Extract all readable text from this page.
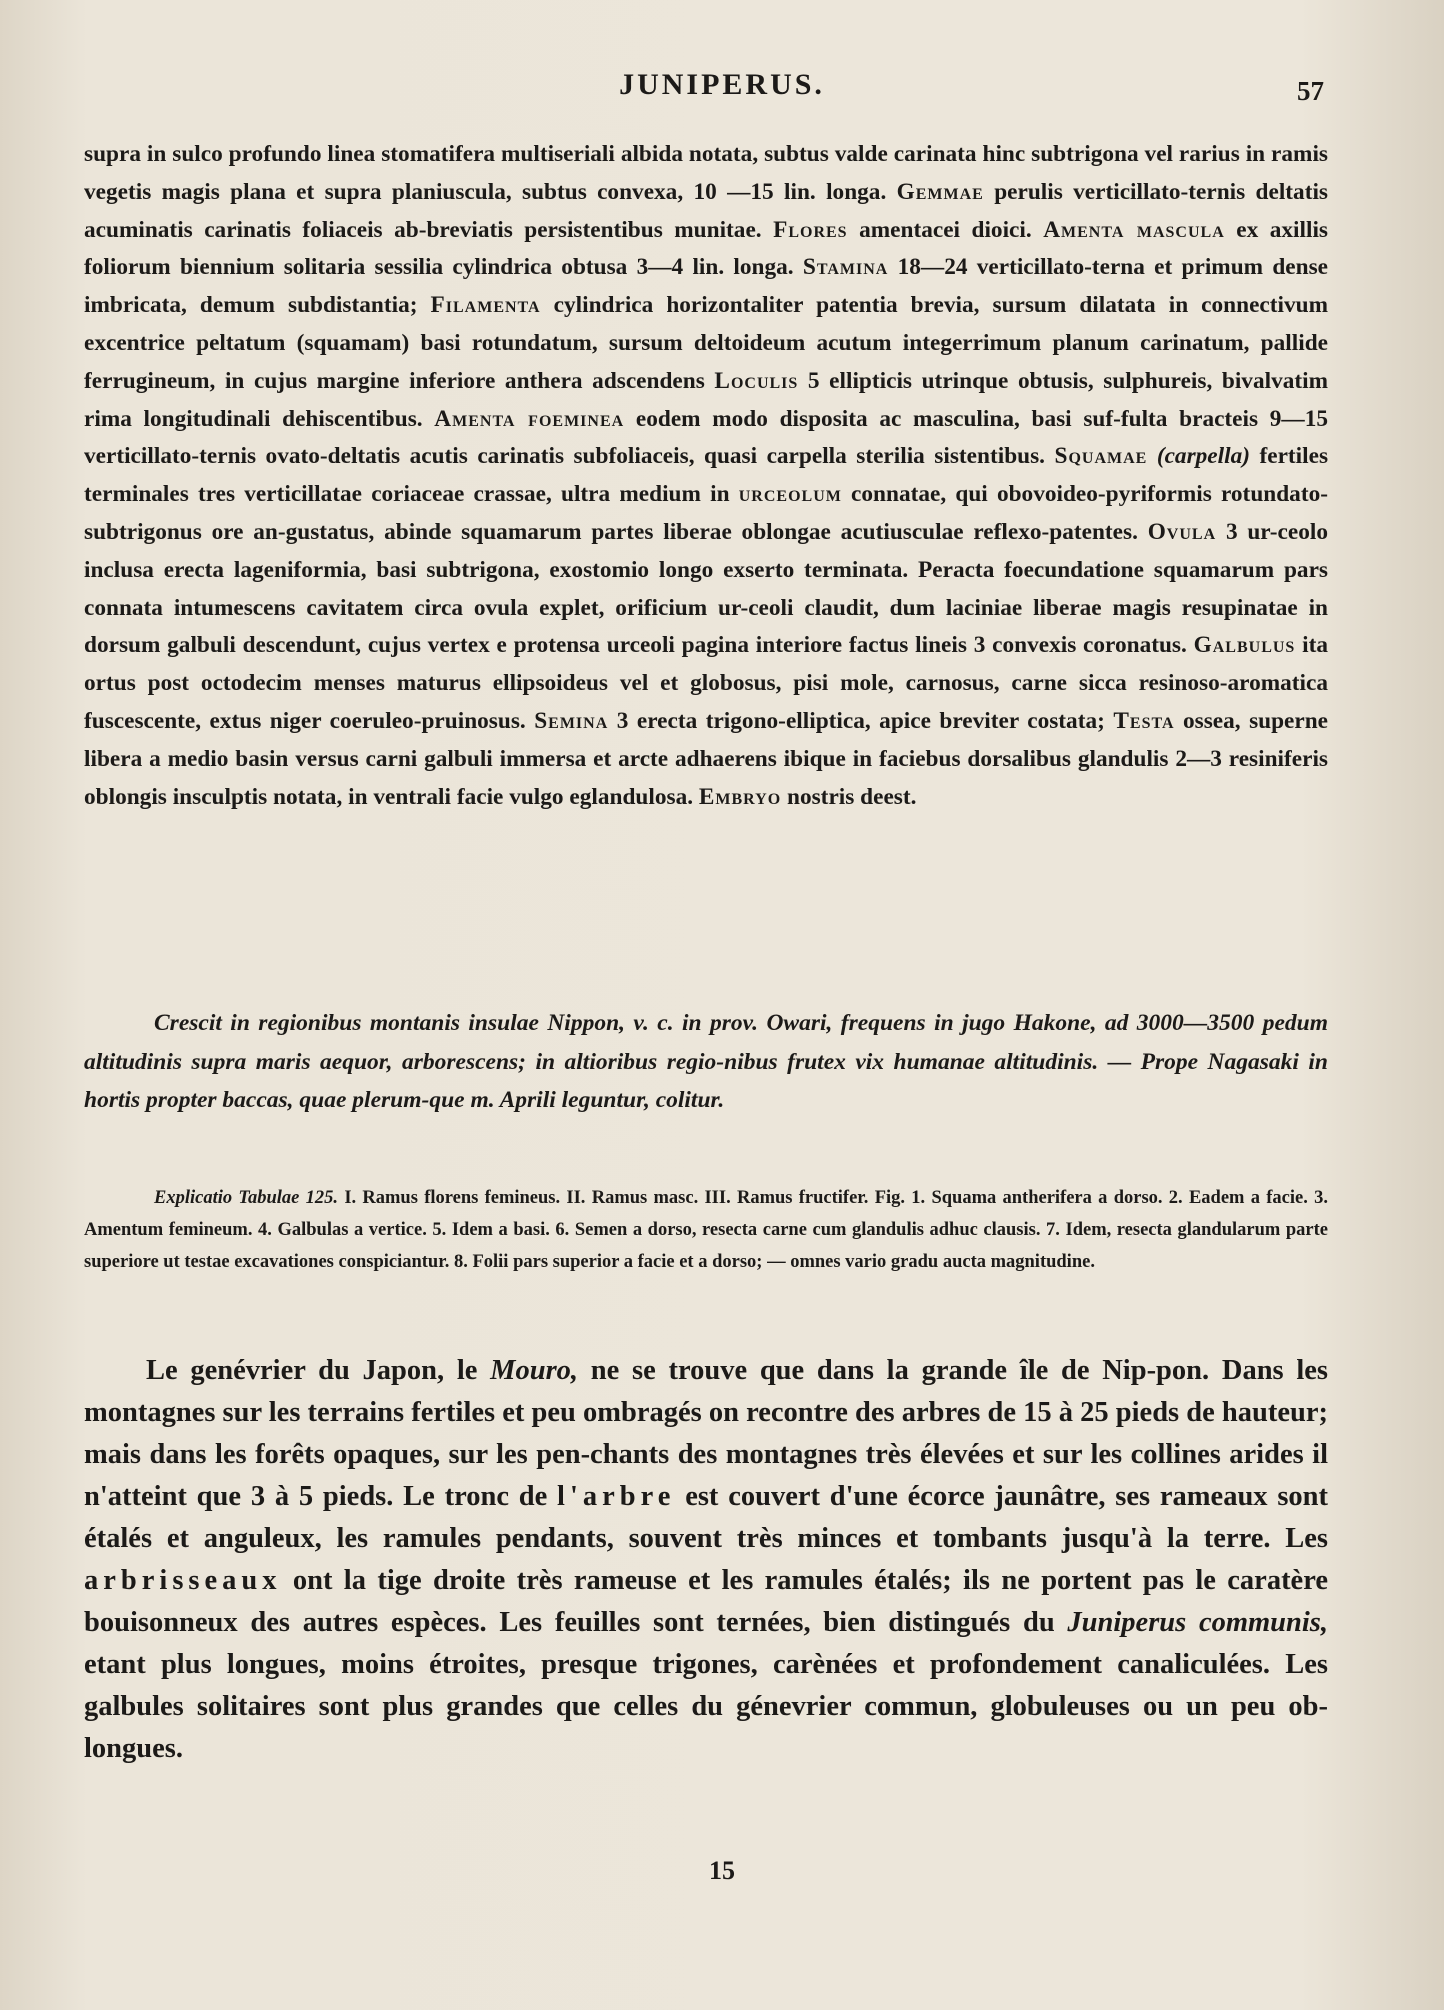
JUNIPERUS.	57

supra in sulco profundo linea stomatifera multiseriali albida notata, subtus valde carinata hinc subtrigona vel rarius in ramis vegetis magis plana et supra planiuscula, subtus convexa, 10 —15 lin. longa. Gemmae perulis verticillato-ternis deltatis acuminatis carinatis foliaceis ab-breviatis persistentibus munitae. Flores amentacei dioici. Amenta mascula ex axillis foliorum biennium solitaria sessilia cylindrica obtusa 3—4 lin. longa. Stamina 18—24 verticillato-terna et primum dense imbricata, demum subdistantia; Filamenta cylindrica horizontaliter patentia brevia, sursum dilatata in connectivum excentrice peltatum (squamam) basi rotundatum, sursum deltoideum acutum integerrimum planum carinatum, pallide ferrugineum, in cujus margine inferiore anthera adscendens Loculis 5 ellipticis utrinque obtusis, sulphureis, bivalvatim rima longitudinali dehiscentibus. Amenta foeminea eodem modo disposita ac masculina, basi suf-fulta bracteis 9—15 verticillato-ternis ovato-deltatis acutis carinatis subfoliaceis, quasi carpella sterilia sistentibus. Squamae (carpella) fertiles terminales tres verticillatae coriaceae crassae, ultra medium in urceolum connatae, qui obovoideo-pyriformis rotundato-subtrigonus ore an-gustatus, abinde squamarum partes liberae oblongae acutiusculae reflexo-patentes. Ovula 3 ur-ceolo inclusa erecta lageniformia, basi subtrigona, exostomio longo exserto terminata. Peracta foecundatione squamarum pars connata intumescens cavitatem circa ovula explet, orificium ur-ceoli claudit, dum laciniae liberae magis resupinatae in dorsum galbuli descendunt, cujus vertex e protensa urceoli pagina interiore factus lineis 3 convexis coronatus. Galbulus ita ortus post octodecim menses maturus ellipsoideus vel et globosus, pisi mole, carnosus, carne sicca resinoso-aromatica fuscescente, extus niger coeruleo-pruinosus. Semina 3 erecta trigono-elliptica, apice breviter costata; Testa ossea, superne libera a medio basin versus carni galbuli immersa et arcte adhaerens ibique in faciebus dorsalibus glandulis 2—3 resiniferis oblongis insculptis notata, in ventrali facie vulgo eglandulosa. Embryo nostris deest.

Crescit in regionibus montanis insulae Nippon, v. c. in prov. Owari, frequens in jugo Hakone, ad 3000—3500 pedum altitudinis supra maris aequor, arborescens; in altioribus regio-nibus frutex vix humanae altitudinis. — Prope Nagasaki in hortis propter baccas, quae plerum-que m. Aprili leguntur, colitur.

Explicatio Tabulae 125. I. Ramus florens femineus. II. Ramus masc. III. Ramus fructifer. Fig. 1. Squama antherifera a dorso. 2. Eadem a facie. 3. Amentum femineum. 4. Galbulas a vertice. 5. Idem a basi. 6. Semen a dorso, resecta carne cum glandulis adhuc clausis. 7. Idem, resecta glandularum parte superiore ut testae excavationes conspiciantur. 8. Folii pars superior a facie et a dorso; — omnes vario gradu aucta magnitudine.

Le genévrier du Japon, le Mouro, ne se trouve que dans la grande île de Nip-pon. Dans les montagnes sur les terrains fertiles et peu ombragés on recontre des arbres de 15 à 25 pieds de hauteur; mais dans les forêts opaques, sur les pen-chants des montagnes très élevées et sur les collines arides il n'atteint que 3 à 5 pieds. Le tronc de l'arbre est couvert d'une écorce jaunâtre, ses rameaux sont étalés et anguleux, les ramules pendants, souvent très minces et tombants jusqu'à la terre. Les arbrisseaux ont la tige droite très rameuse et les ramules étalés; ils ne portent pas le caratère bouisonneux des autres espèces. Les feuilles sont ternées, bien distingués du Juniperus communis, etant plus longues, moins étroites, presque trigones, carènées et profondement canaliculées. Les galbules solitaires sont plus grandes que celles du génevrier commun, globuleuses ou un peu ob-longues.

15
